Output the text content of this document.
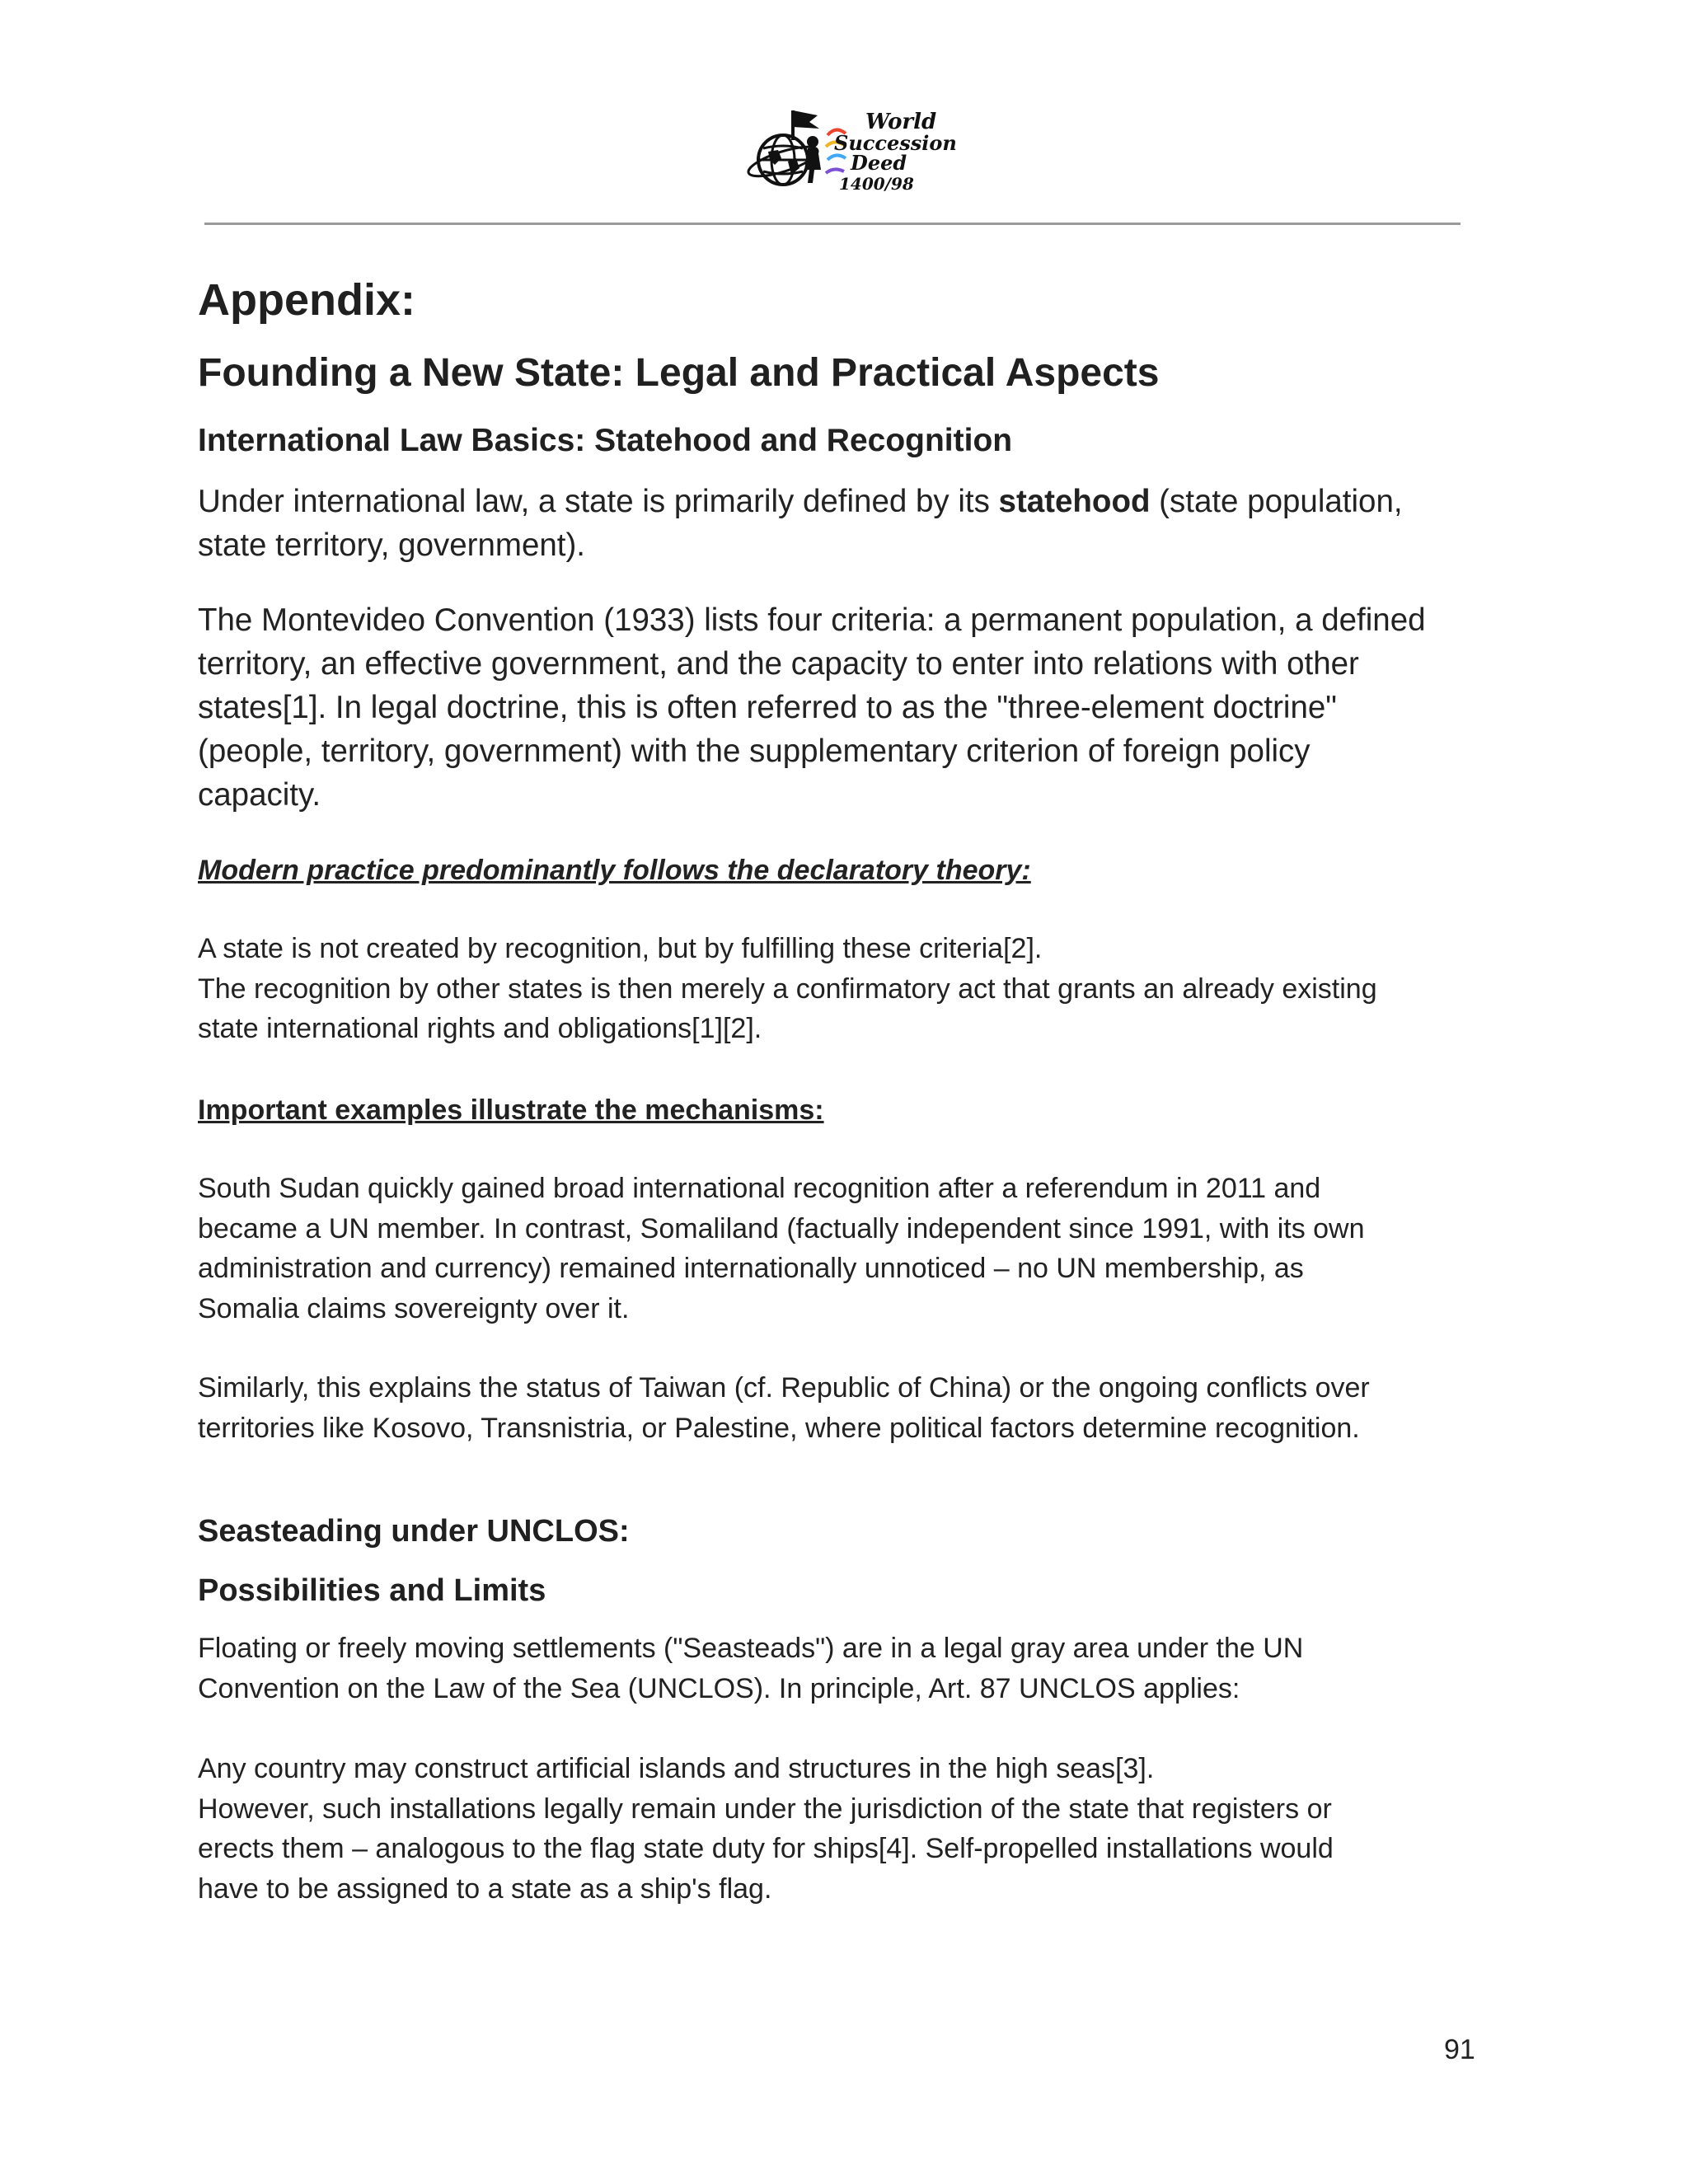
World
Succession
Deed
1400/98
Appendix:
Founding a New State: Legal and Practical Aspects
International Law Basics: Statehood and Recognition
Under international law, a state is primarily defined by its statehood (state population,
state territory, government).
The Montevideo Convention (1933) lists four criteria: a permanent population, a defined
territory, an effective government, and the capacity to enter into relations with other
states[1]. In legal doctrine, this is often referred to as the "three-element doctrine"
(people, territory, government) with the supplementary criterion of foreign policy
capacity.
Modern practice predominantly follows the declaratory theory:
A state is not created by recognition, but by fulfilling these criteria[2].
The recognition by other states is then merely a confirmatory act that grants an already existing
state international rights and obligations[1][2].
Important examples illustrate the mechanisms:
South Sudan quickly gained broad international recognition after a referendum in 2011 and
became a UN member. In contrast, Somaliland (factually independent since 1991, with its own
administration and currency) remained internationally unnoticed – no UN membership, as
Somalia claims sovereignty over it.
Similarly, this explains the status of Taiwan (cf. Republic of China) or the ongoing conflicts over
territories like Kosovo, Transnistria, or Palestine, where political factors determine recognition.
Seasteading under UNCLOS:
Possibilities and Limits
Floating or freely moving settlements ("Seasteads") are in a legal gray area under the UN
Convention on the Law of the Sea (UNCLOS). In principle, Art. 87 UNCLOS applies:
Any country may construct artificial islands and structures in the high seas[3].
However, such installations legally remain under the jurisdiction of the state that registers or
erects them – analogous to the flag state duty for ships[4]. Self-propelled installations would
have to be assigned to a state as a ship's flag.
91
